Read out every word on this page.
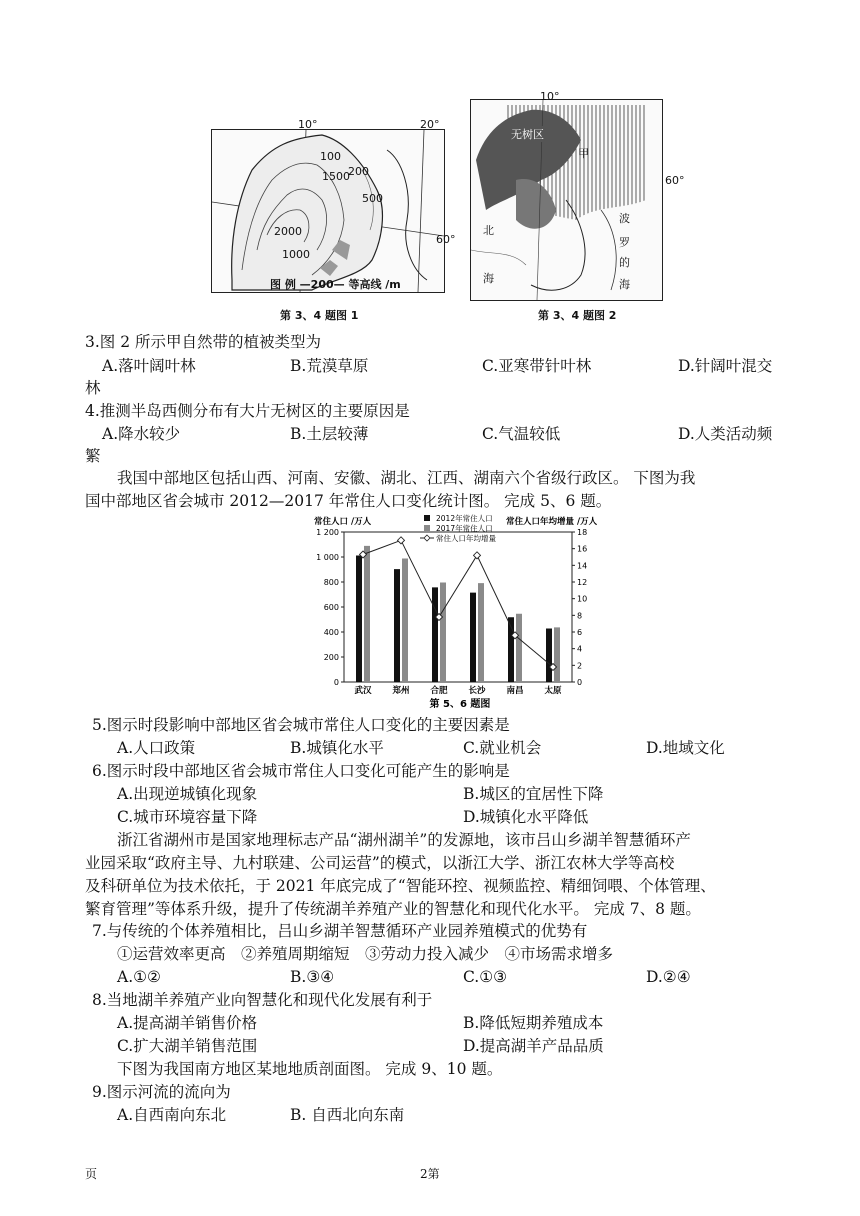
100
2000
1500
1000
200
500
图 例 —200— 等高线 /m
10°	20°
60°
第 3、4 题图 1
无树区
甲
北
海
波
罗
的
海
10°
60°
第 3、4 题图 2
3.图 2 所示甲自然带的植被类型为
A.落叶阔叶林	B.荒漠草原	C.亚寒带针叶林	D.针阔叶混交
林
4.推测半岛西侧分布有大片无树区的主要原因是
A.降水较少	B.土层较薄	C.气温较低	D.人类活动频
繁
我国中部地区包括山西、河南、安徽、湖北、江西、湖南六个省级行政区。 下图为我
国中部地区省会城市 2012—2017 年常住人口变化统计图。 完成 5、6 题。
0
200
400
600
800
1 000
1 200
0
2
4
6
8
10
12
14
16
18
常住人口 /万人	常住人口年均增量 /万人
2012年常住人口
2017年常住人口
常住人口年均增量
武汉 郑州 合肥 长沙 南昌 太原
第 5、6 题图
5.图示时段影响中部地区省会城市常住人口变化的主要因素是
A.人口政策	B.城镇化水平	C.就业机会	D.地域文化
6.图示时段中部地区省会城市常住人口变化可能产生的影响是
A.出现逆城镇化现象	B.城区的宜居性下降
C.城市环境容量下降	D.城镇化水平降低
浙江省湖州市是国家地理标志产品“湖州湖羊”的发源地，该市吕山乡湖羊智慧循环产
业园采取“政府主导、九村联建、公司运营”的模式，以浙江大学、浙江农林大学等高校
及科研单位为技术依托，于 2021 年底完成了“智能环控、视频监控、精细饲喂、个体管理、
繁育管理”等体系升级，提升了传统湖羊养殖产业的智慧化和现代化水平。 完成 7、8 题。
7.与传统的个体养殖相比，吕山乡湖羊智慧循环产业园养殖模式的优势有
①运营效率更高　②养殖周期缩短　③劳动力投入减少　④市场需求增多
A.①②	B.③④	C.①③	D.②④
8.当地湖羊养殖产业向智慧化和现代化发展有利于
A.提高湖羊销售价格	B.降低短期养殖成本
C.扩大湖羊销售范围	D.提高湖羊产品品质
下图为我国南方地区某地地质剖面图。 完成 9、10 题。
9.图示河流的流向为
A.自西南向东北	B. 自西北向东南
页	2第
